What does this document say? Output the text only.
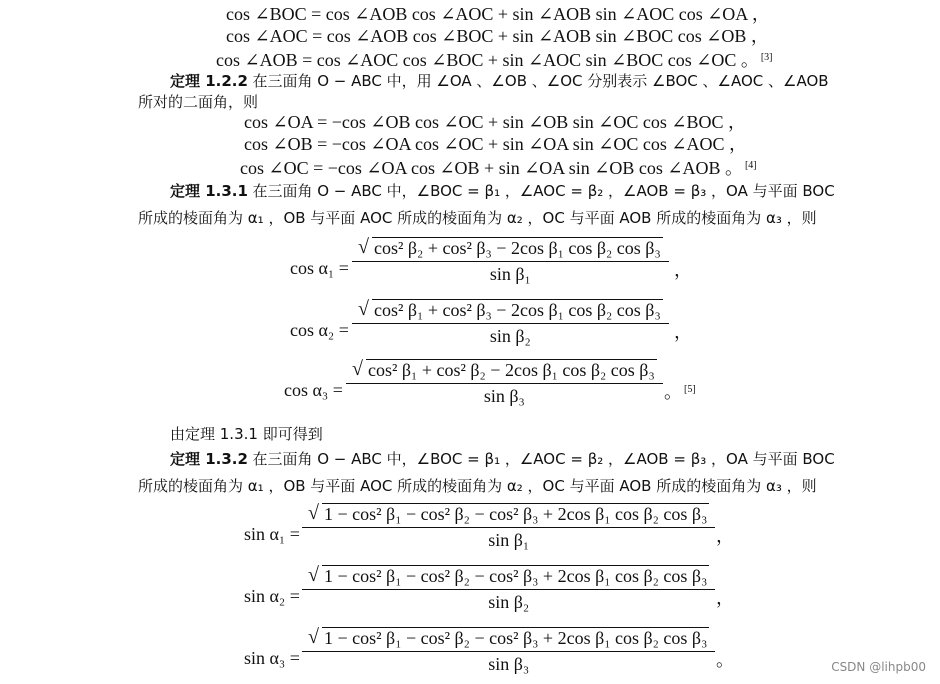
cos ∠BOC = cos ∠AOB cos ∠AOC + sin ∠AOB sin ∠AOC cos ∠OA ，
cos ∠AOC = cos ∠AOB cos ∠BOC + sin ∠AOB sin ∠BOC cos ∠OB ，
cos ∠AOB = cos ∠AOC cos ∠BOC + sin ∠AOC sin ∠BOC cos ∠OC 。 [3]
定理 1.2.2 在三面角 O − ABC 中，用 ∠OA 、∠OB 、∠OC 分别表示 ∠BOC 、∠AOC 、∠AOB
所对的二面角，则
cos ∠OA = −cos ∠OB cos ∠OC + sin ∠OB sin ∠OC cos ∠BOC ，
cos ∠OB = −cos ∠OA cos ∠OC + sin ∠OA sin ∠OC cos ∠AOC ，
cos ∠OC = −cos ∠OA cos ∠OB + sin ∠OA sin ∠OB cos ∠AOB 。 [4]
定理 1.3.1 在三面角 O − ABC 中，∠BOC = β₁ ，∠AOC = β₂ ，∠AOB = β₃ ，OA 与平面 BOC
所成的棱面角为 α₁ ，OB 与平面 AOC 所成的棱面角为 α₂ ，OC 与平面 AOB 所成的棱面角为 α₃ ，则
cos α₁ = √ $\frac{\text{cos² β₂ + cos² β₃ − 2cos β₁ cos β₂ cos β₃}}{\text{sin β₁}}$ ，
cos α₂ = √ $\frac{\text{cos² β₁ + cos² β₃ − 2cos β₁ cos β₂ cos β₃}}{\text{sin β₂}}$ ，
cos α₃ = √ $\frac{\text{cos² β₁ + cos² β₂ − 2cos β₁ cos β₂ cos β₃}}{\text{sin β₃}}$ 。 [5]
由定理 1.3.1 即可得到
定理 1.3.2 在三面角 O − ABC 中，∠BOC = β₁ ，∠AOC = β₂ ，∠AOB = β₃ ，OA 与平面 BOC
所成的棱面角为 α₁ ，OB 与平面 AOC 所成的棱面角为 α₂ ，OC 与平面 AOB 所成的棱面角为 α₃ ，则
sin α₁ = √ $\frac{\text{1 − cos² β₁ − cos² β₂ − cos² β₃ + 2cos β₁ cos β₂ cos β₃}}{\text{sin β₁}}$ ，
sin α₂ = √ $\frac{\text{1 − cos² β₁ − cos² β₂ − cos² β₃ + 2cos β₁ cos β₂ cos β₃}}{\text{sin β₂}}$ ，
sin α₃ = √ $\frac{\text{1 − cos² β₁ − cos² β₂ − cos² β₃ + 2cos β₁ cos β₂ cos β₃}}{\text{sin β₃}}$ 。	CSDN @lihpb00
